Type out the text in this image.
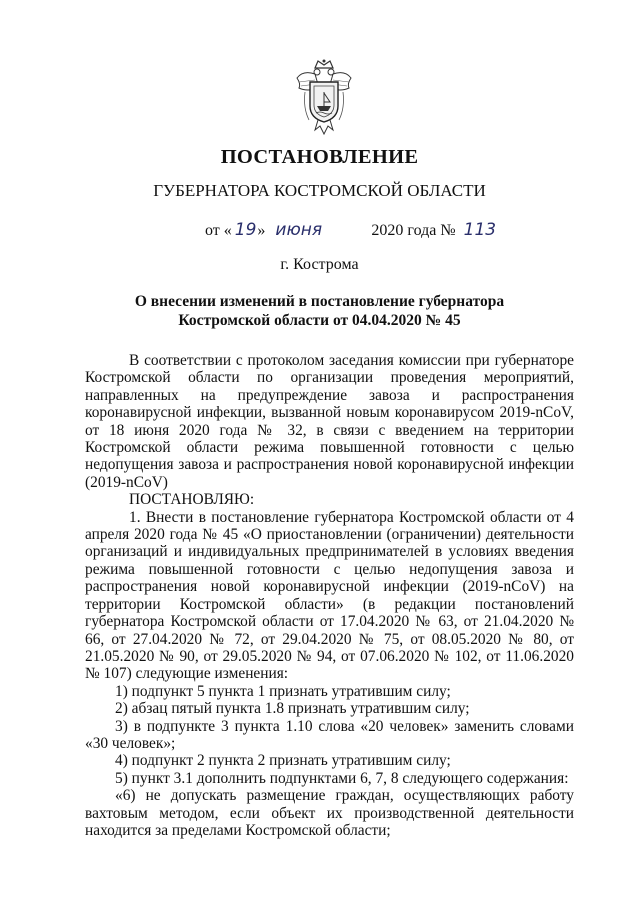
ПОСТАНОВЛЕНИЕ
ГУБЕРНАТОРА КОСТРОМСКОЙ ОБЛАСТИ
от « 19» июня	2020 года № 113
г. Кострома
О внесении изменений в постановление губернатора
Костромской области от 04.04.2020 № 45

В соответствии с протоколом заседания комиссии при губернаторе Костромской области по организации проведения мероприятий, направленных на предупреждение завоза и распространения коронавирусной инфекции, вызванной новым коронавирусом 2019-nCoV, от 18 июня 2020 года № 32, в связи с введением на территории Костромской области режима повышенной готовности с целью недопущения завоза и распространения новой коронавирусной инфекции (2019-nCoV)

ПОСТАНОВЛЯЮ:

1. Внести в постановление губернатора Костромской области от 4 апреля 2020 года № 45 «О приостановлении (ограничении) деятельности организаций и индивидуальных предпринимателей в условиях введения режима повышенной готовности с целью недопущения завоза и распространения новой коронавирусной инфекции (2019-nCoV) на территории Костромской области» (в редакции постановлений губернатора Костромской области от 17.04.2020 № 63, от 21.04.2020 № 66, от 27.04.2020 № 72, от 29.04.2020 № 75, от 08.05.2020 № 80, от 21.05.2020 № 90, от 29.05.2020 № 94, от 07.06.2020 № 102, от 11.06.2020 № 107) следующие изменения:

1) подпункт 5 пункта 1 признать утратившим силу;

2) абзац пятый пункта 1.8 признать утратившим силу;

3) в подпункте 3 пункта 1.10 слова «20 человек» заменить словами «30 человек»;

4) подпункт 2 пункта 2 признать утратившим силу;

5) пункт 3.1 дополнить подпунктами 6, 7, 8 следующего содержания:

«6) не допускать размещение граждан, осуществляющих работу вахтовым методом, если объект их производственной деятельности находится за пределами Костромской области;
